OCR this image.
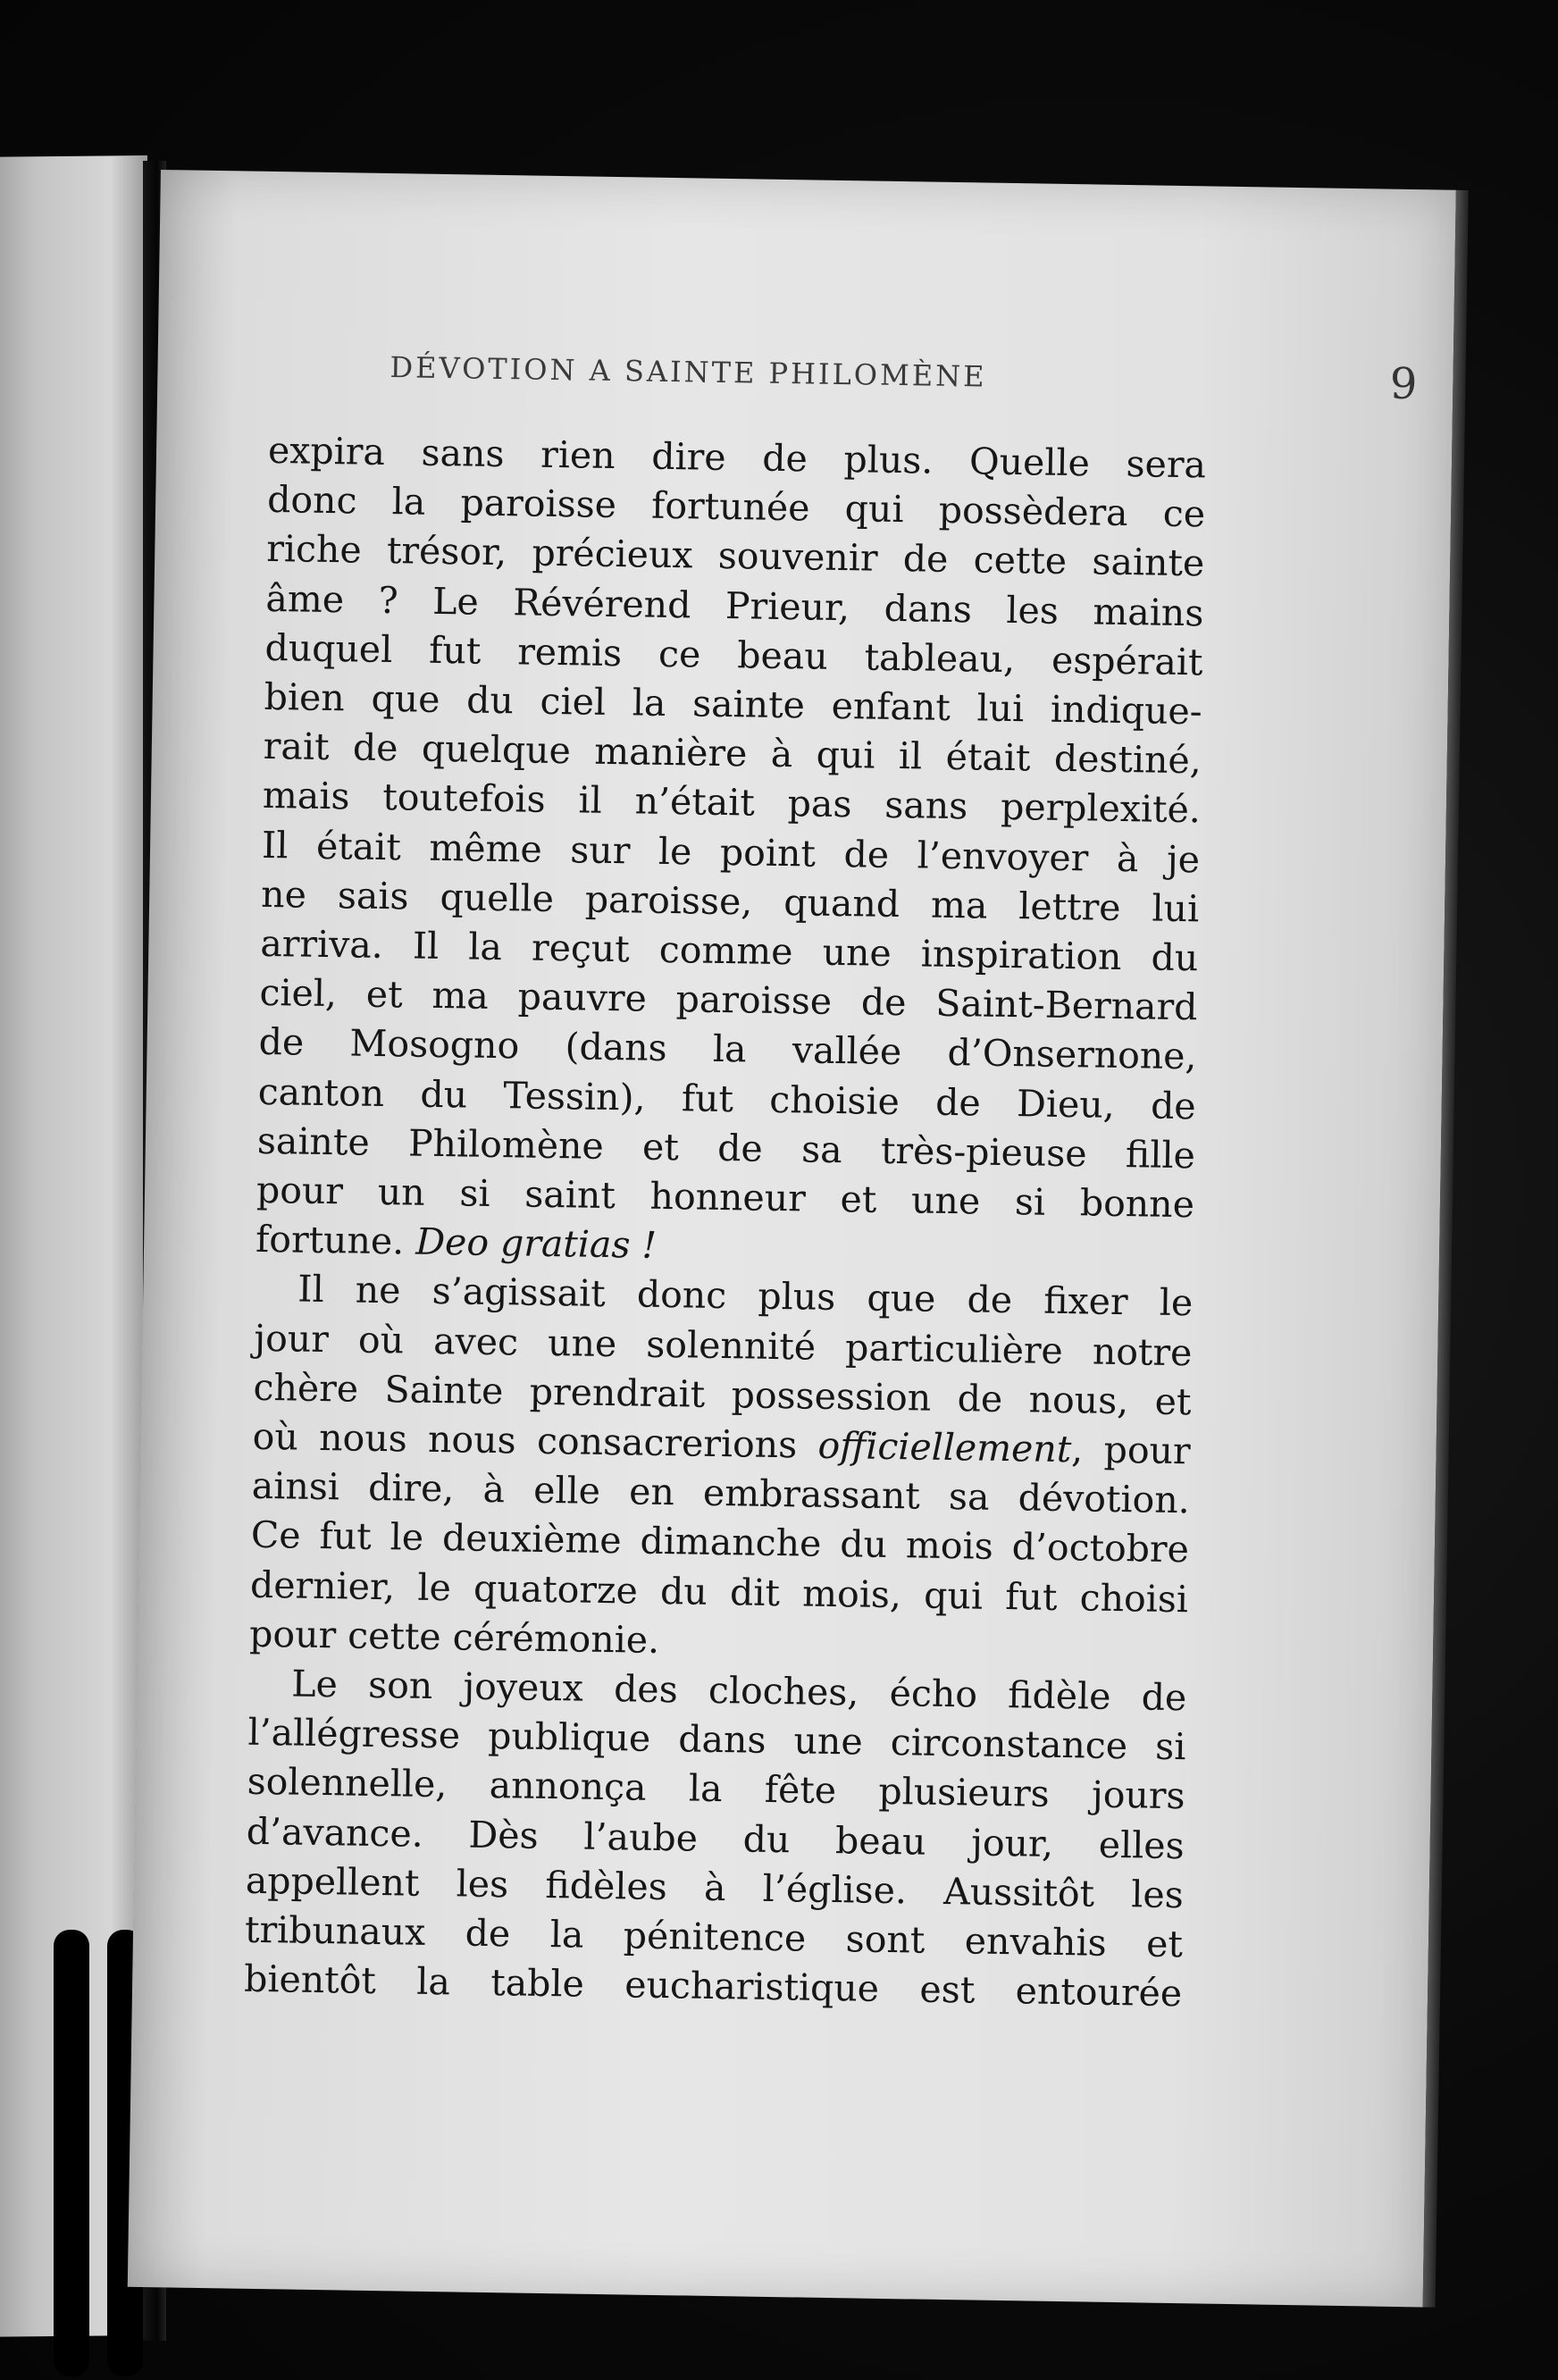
DÉVOTION A SAINTE PHILOMÈNE	9
expira sans rien dire de plus. Quelle sera
donc la paroisse fortunée qui possèdera ce
riche trésor, précieux souvenir de cette sainte
âme ? Le Révérend Prieur, dans les mains
duquel fut remis ce beau tableau, espérait
bien que du ciel la sainte enfant lui indique-
rait de quelque manière à qui il était destiné,
mais toutefois il n’était pas sans perplexité.
Il était même sur le point de l’envoyer à je
ne sais quelle paroisse, quand ma lettre lui
arriva. Il la reçut comme une inspiration du
ciel, et ma pauvre paroisse de Saint-Bernard
de Mosogno (dans la vallée d’Onsernone,
canton du Tessin), fut choisie de Dieu, de
sainte Philomène et de sa très-pieuse fille
pour un si saint honneur et une si bonne
fortune. Deo gratias !
Il ne s’agissait donc plus que de fixer le
jour où avec une solennité particulière notre
chère Sainte prendrait possession de nous, et
où nous nous consacrerions officiellement, pour
ainsi dire, à elle en embrassant sa dévotion.
Ce fut le deuxième dimanche du mois d’octobre
dernier, le quatorze du dit mois, qui fut choisi
pour cette cérémonie.
Le son joyeux des cloches, écho fidèle de
l’allégresse publique dans une circonstance si
solennelle, annonça la fête plusieurs jours
d’avance. Dès l’aube du beau jour, elles
appellent les fidèles à l’église. Aussitôt les
tribunaux de la pénitence sont envahis et
bientôt la table eucharistique est entourée
